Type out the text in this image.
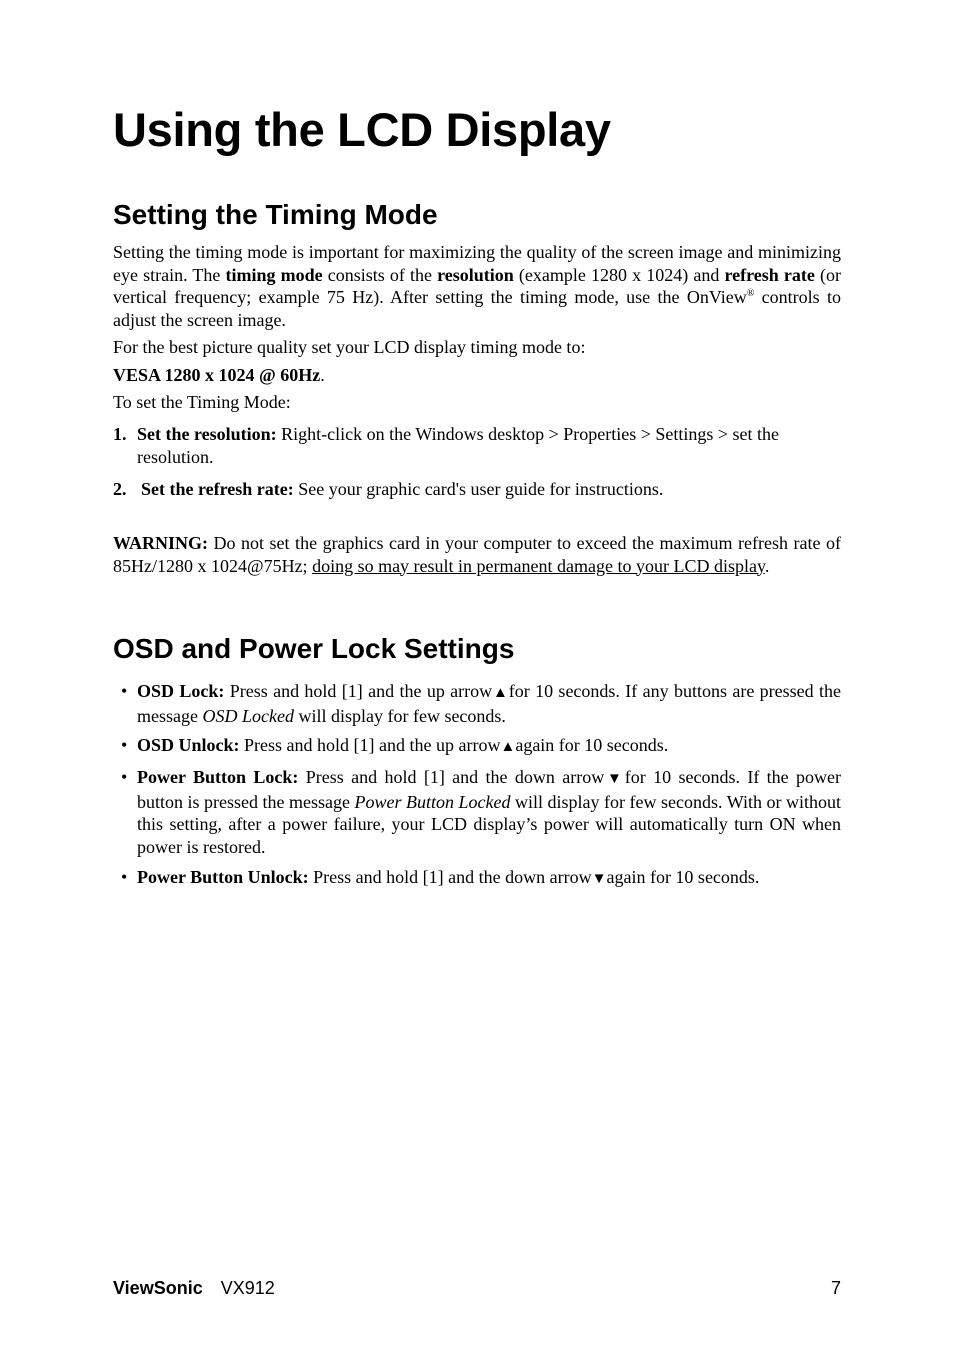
Using the LCD Display
Setting the Timing Mode

Setting the timing mode is important for maximizing the quality of the screen image and minimizing eye strain. The timing mode consists of the resolution (example 1280 x 1024) and refresh rate (or vertical frequency; example 75 Hz). After setting the timing mode, use the OnView® controls to adjust the screen image.

For the best picture quality set your LCD display timing mode to:

VESA 1280 x 1024 @ 60Hz.

To set the Timing Mode:

1. Set the resolution: Right-click on the Windows desktop > Properties > Settings > set the resolution.
2. Set the refresh rate: See your graphic card's user guide for instructions.

WARNING: Do not set the graphics card in your computer to exceed the maximum refresh rate of 85Hz/1280 x 1024@75Hz; doing so may result in permanent damage to your LCD display.

OSD and Power Lock Settings
• OSD Lock: Press and hold [1] and the up arrow▲for 10 seconds. If any buttons are pressed the message OSD Locked will display for few seconds.
• OSD Unlock: Press and hold [1] and the up arrow▲again for 10 seconds.
• Power Button Lock: Press and hold [1] and the down arrow▼for 10 seconds. If the power button is pressed the message Power Button Locked will display for few seconds. With or without this setting, after a power failure, your LCD display’s power will automatically turn ON when power is restored.
• Power Button Unlock: Press and hold [1] and the down arrow▼again for 10 seconds.
ViewSonic VX912	7
